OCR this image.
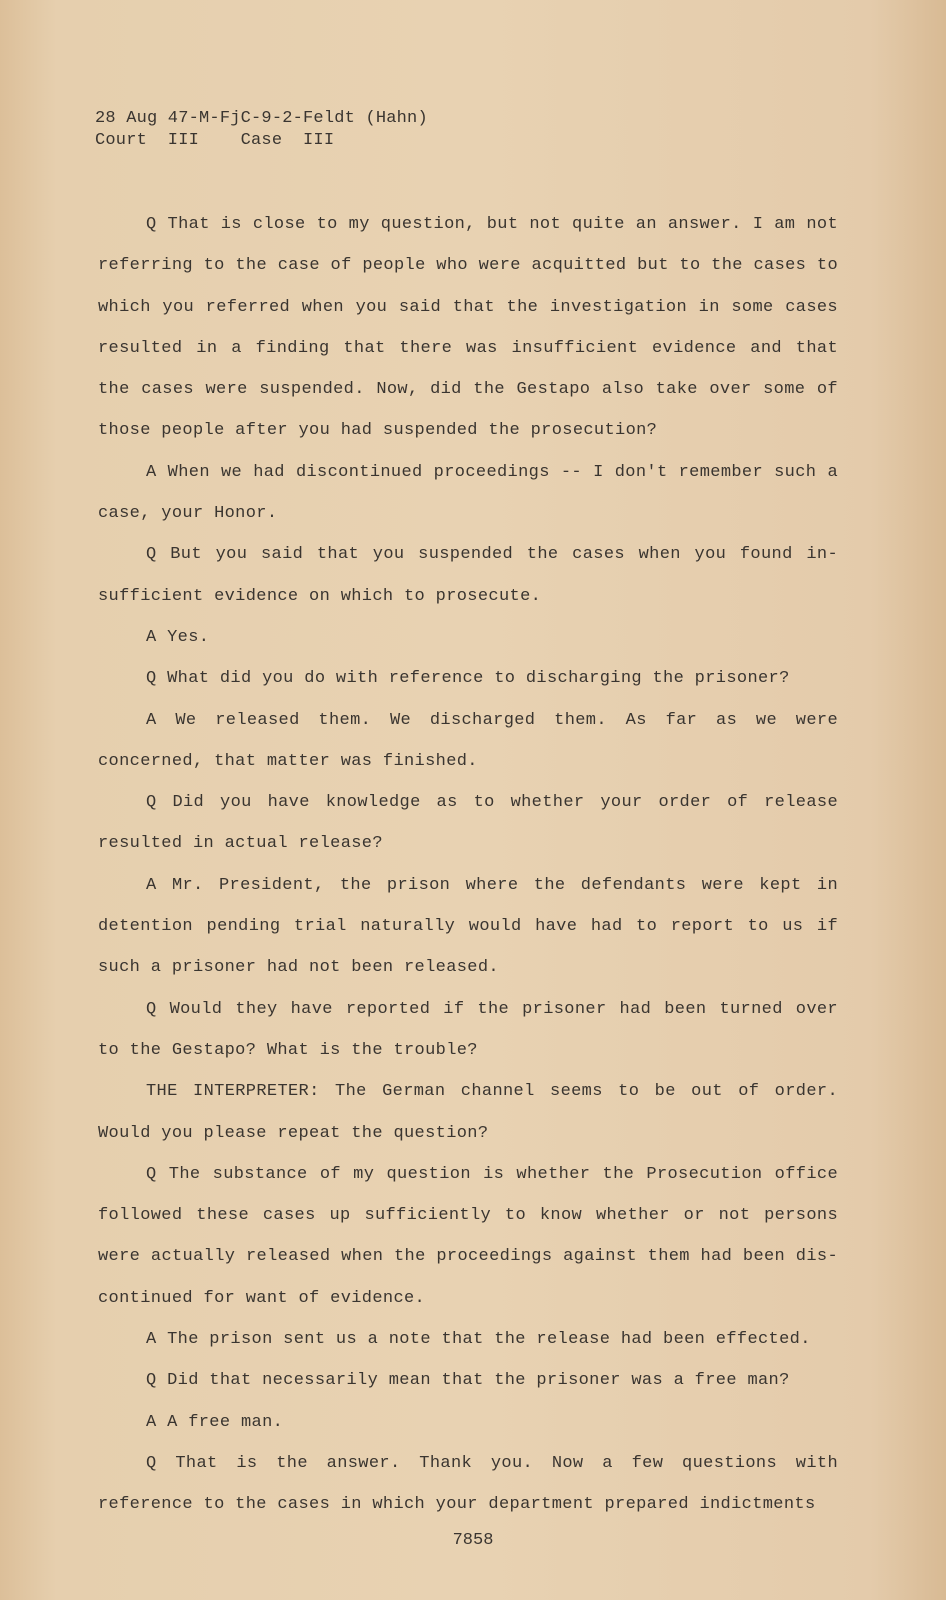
28 Aug 47-M-FjC-9-2-Feldt (Hahn)
Court  III    Case  III

Q That is close to my question, but not quite an answer. I am not referring to the case of people who were acquitted but to the cases to which you referred when you said that the investigation in some cases resulted in a finding that there was insufficient evidence and that the cases were suspended. Now, did the Gestapo also take over some of those people after you had suspended the prosecution?

A When we had discontinued proceedings -- I don't remember such a case, your Honor.

Q But you said that you suspended the cases when you found in-sufficient evidence on which to prosecute.

A Yes.

Q What did you do with reference to discharging the prisoner?

A We released them. We discharged them. As far as we were concerned, that matter was finished.

Q Did you have knowledge as to whether your order of release resulted in actual release?

A Mr. President, the prison where the defendants were kept in detention pending trial naturally would have had to report to us if such a prisoner had not been released.

Q Would they have reported if the prisoner had been turned over to the Gestapo? What is the trouble?

THE INTERPRETER: The German channel seems to be out of order. Would you please repeat the question?

Q The substance of my question is whether the Prosecution office followed these cases up sufficiently to know whether or not persons were actually released when the proceedings against them had been dis-continued for want of evidence.

A The prison sent us a note that the release had been effected.

Q Did that necessarily mean that the prisoner was a free man?

A A free man.

Q That is the answer. Thank you. Now a few questions with reference to the cases in which your department prepared indictments

7858
